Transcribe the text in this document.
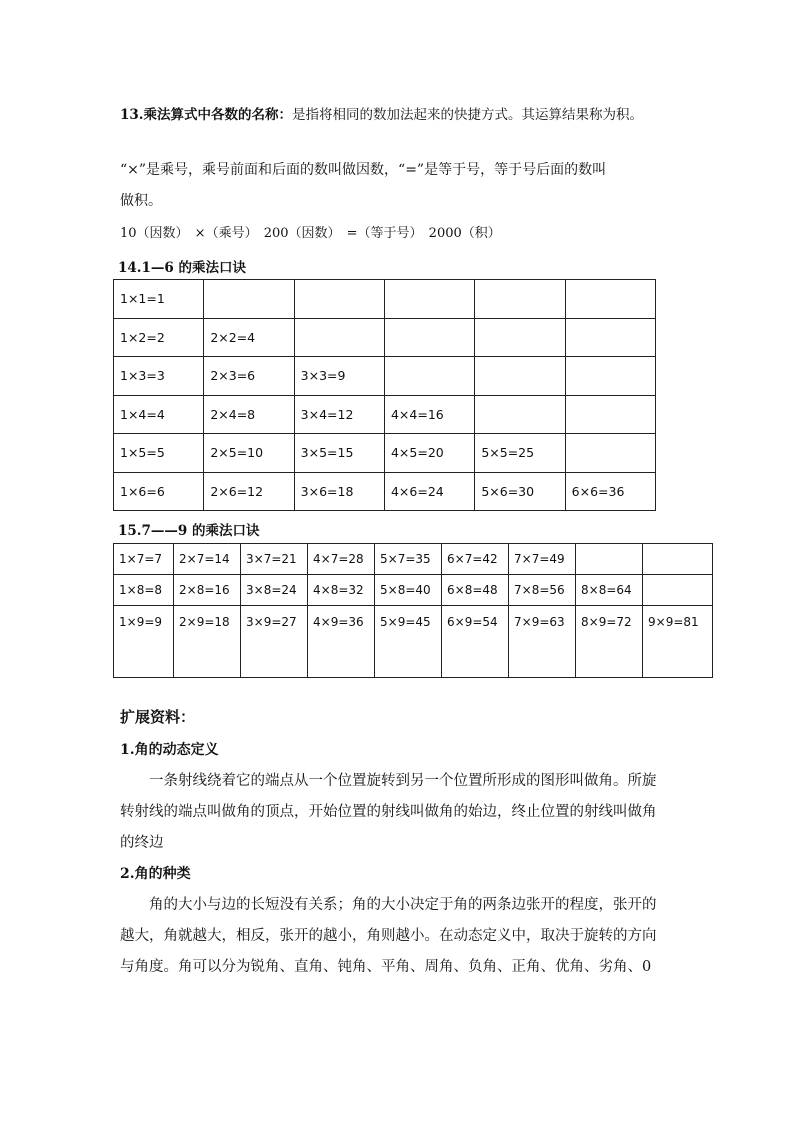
13.乘法算式中各数的名称：是指将相同的数加法起来的快捷方式。其运算结果称为积。
“×”是乘号，乘号前面和后面的数叫做因数，“=”是等于号，等于号后面的数叫
做积。
10（因数） ×（乘号） 200（因数） =（等于号） 2000（积）
14.1—6 的乘法口诀
1×1=1					
1×2=2	2×2=4				
1×3=3	2×3=6	3×3=9			
1×4=4	2×4=8	3×4=12	4×4=16		
1×5=5	2×5=10	3×5=15	4×5=20	5×5=25	
1×6=6	2×6=12	3×6=18	4×6=24	5×6=30	6×6=36
15.7——9 的乘法口诀
1×7=7	2×7=14	3×7=21	4×7=28	5×7=35	6×7=42	7×7=49		
1×8=8	2×8=16	3×8=24	4×8=32	5×8=40	6×8=48	7×8=56	8×8=64	
1×9=9	2×9=18	3×9=27	4×9=36	5×9=45	6×9=54	7×9=63	8×9=72	9×9=81
扩展资料：
1.角的动态定义
一条射线绕着它的端点从一个位置旋转到另一个位置所形成的图形叫做角。所旋
转射线的端点叫做角的顶点，开始位置的射线叫做角的始边，终止位置的射线叫做角
的终边
2.角的种类
角的大小与边的长短没有关系；角的大小决定于角的两条边张开的程度，张开的
越大，角就越大，相反，张开的越小，角则越小。在动态定义中，取决于旋转的方向
与角度。角可以分为锐角、直角、钝角、平角、周角、负角、正角、优角、劣角、0
